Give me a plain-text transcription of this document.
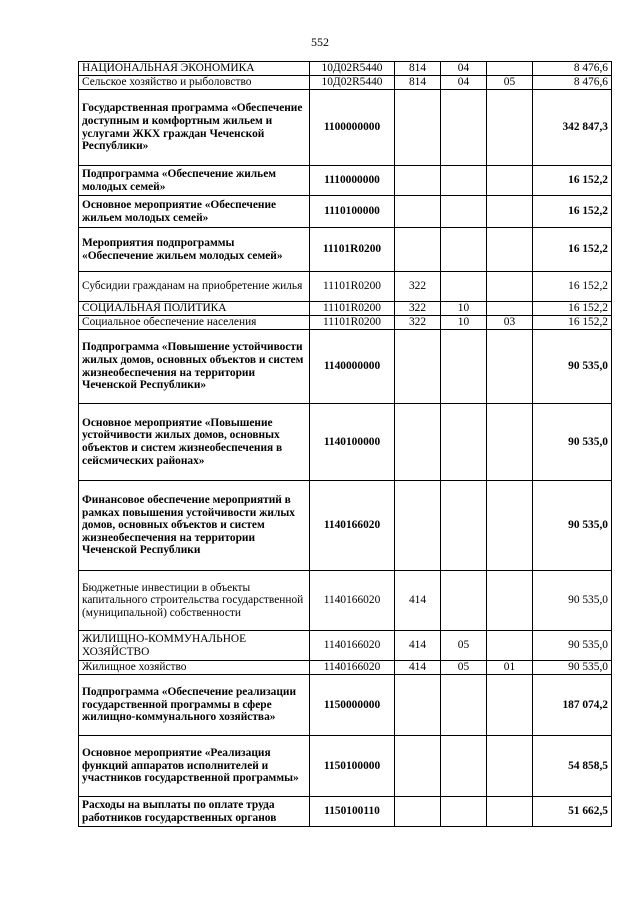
552
НАЦИОНАЛЬНАЯ ЭКОНОМИКА	10Д02R5440	814	04		8 476,6
Сельское хозяйство и рыболовство	10Д02R5440	814	04	05	8 476,6
Государственная программа «Обеспечение доступным и комфортным жильем и услугами ЖКХ граждан Чеченской Республики»	1100000000				342 847,3
Подпрограмма «Обеспечение жильем молодых семей»	1110000000				16 152,2
Основное мероприятие «Обеспечение жильем молодых семей»	1110100000				16 152,2
Мероприятия подпрограммы «Обеспечение жильем молодых семей»	11101R0200				16 152,2
Субсидии гражданам на приобретение жилья	11101R0200	322			16 152,2
СОЦИАЛЬНАЯ ПОЛИТИКА	11101R0200	322	10		16 152,2
Социальное обеспечение населения	11101R0200	322	10	03	16 152,2
Подпрограмма «Повышение устойчивости жилых домов, основных объектов и систем жизнеобеспечения на территории Чеченской Республики»	1140000000				90 535,0
Основное мероприятие «Повышение устойчивости жилых домов, основных объектов и систем жизнеобеспечения в сейсмических районах»	1140100000				90 535,0
Финансовое обеспечение мероприятий в рамках повышения устойчивости жилых домов, основных объектов и систем жизнеобеспечения на территории Чеченской Республики	1140166020				90 535,0
Бюджетные инвестиции в объекты капитального строительства государственной (муниципальной) собственности	1140166020	414			90 535,0
ЖИЛИЩНО-КОММУНАЛЬНОЕ ХОЗЯЙСТВО	1140166020	414	05		90 535,0
Жилищное хозяйство	1140166020	414	05	01	90 535,0
Подпрограмма «Обеспечение реализации государственной программы в сфере жилищно-коммунального хозяйства»	1150000000				187 074,2
Основное мероприятие «Реализация функций аппаратов исполнителей и участников государственной программы»	1150100000				54 858,5
Расходы на выплаты по оплате труда работников государственных органов	1150100110				51 662,5
